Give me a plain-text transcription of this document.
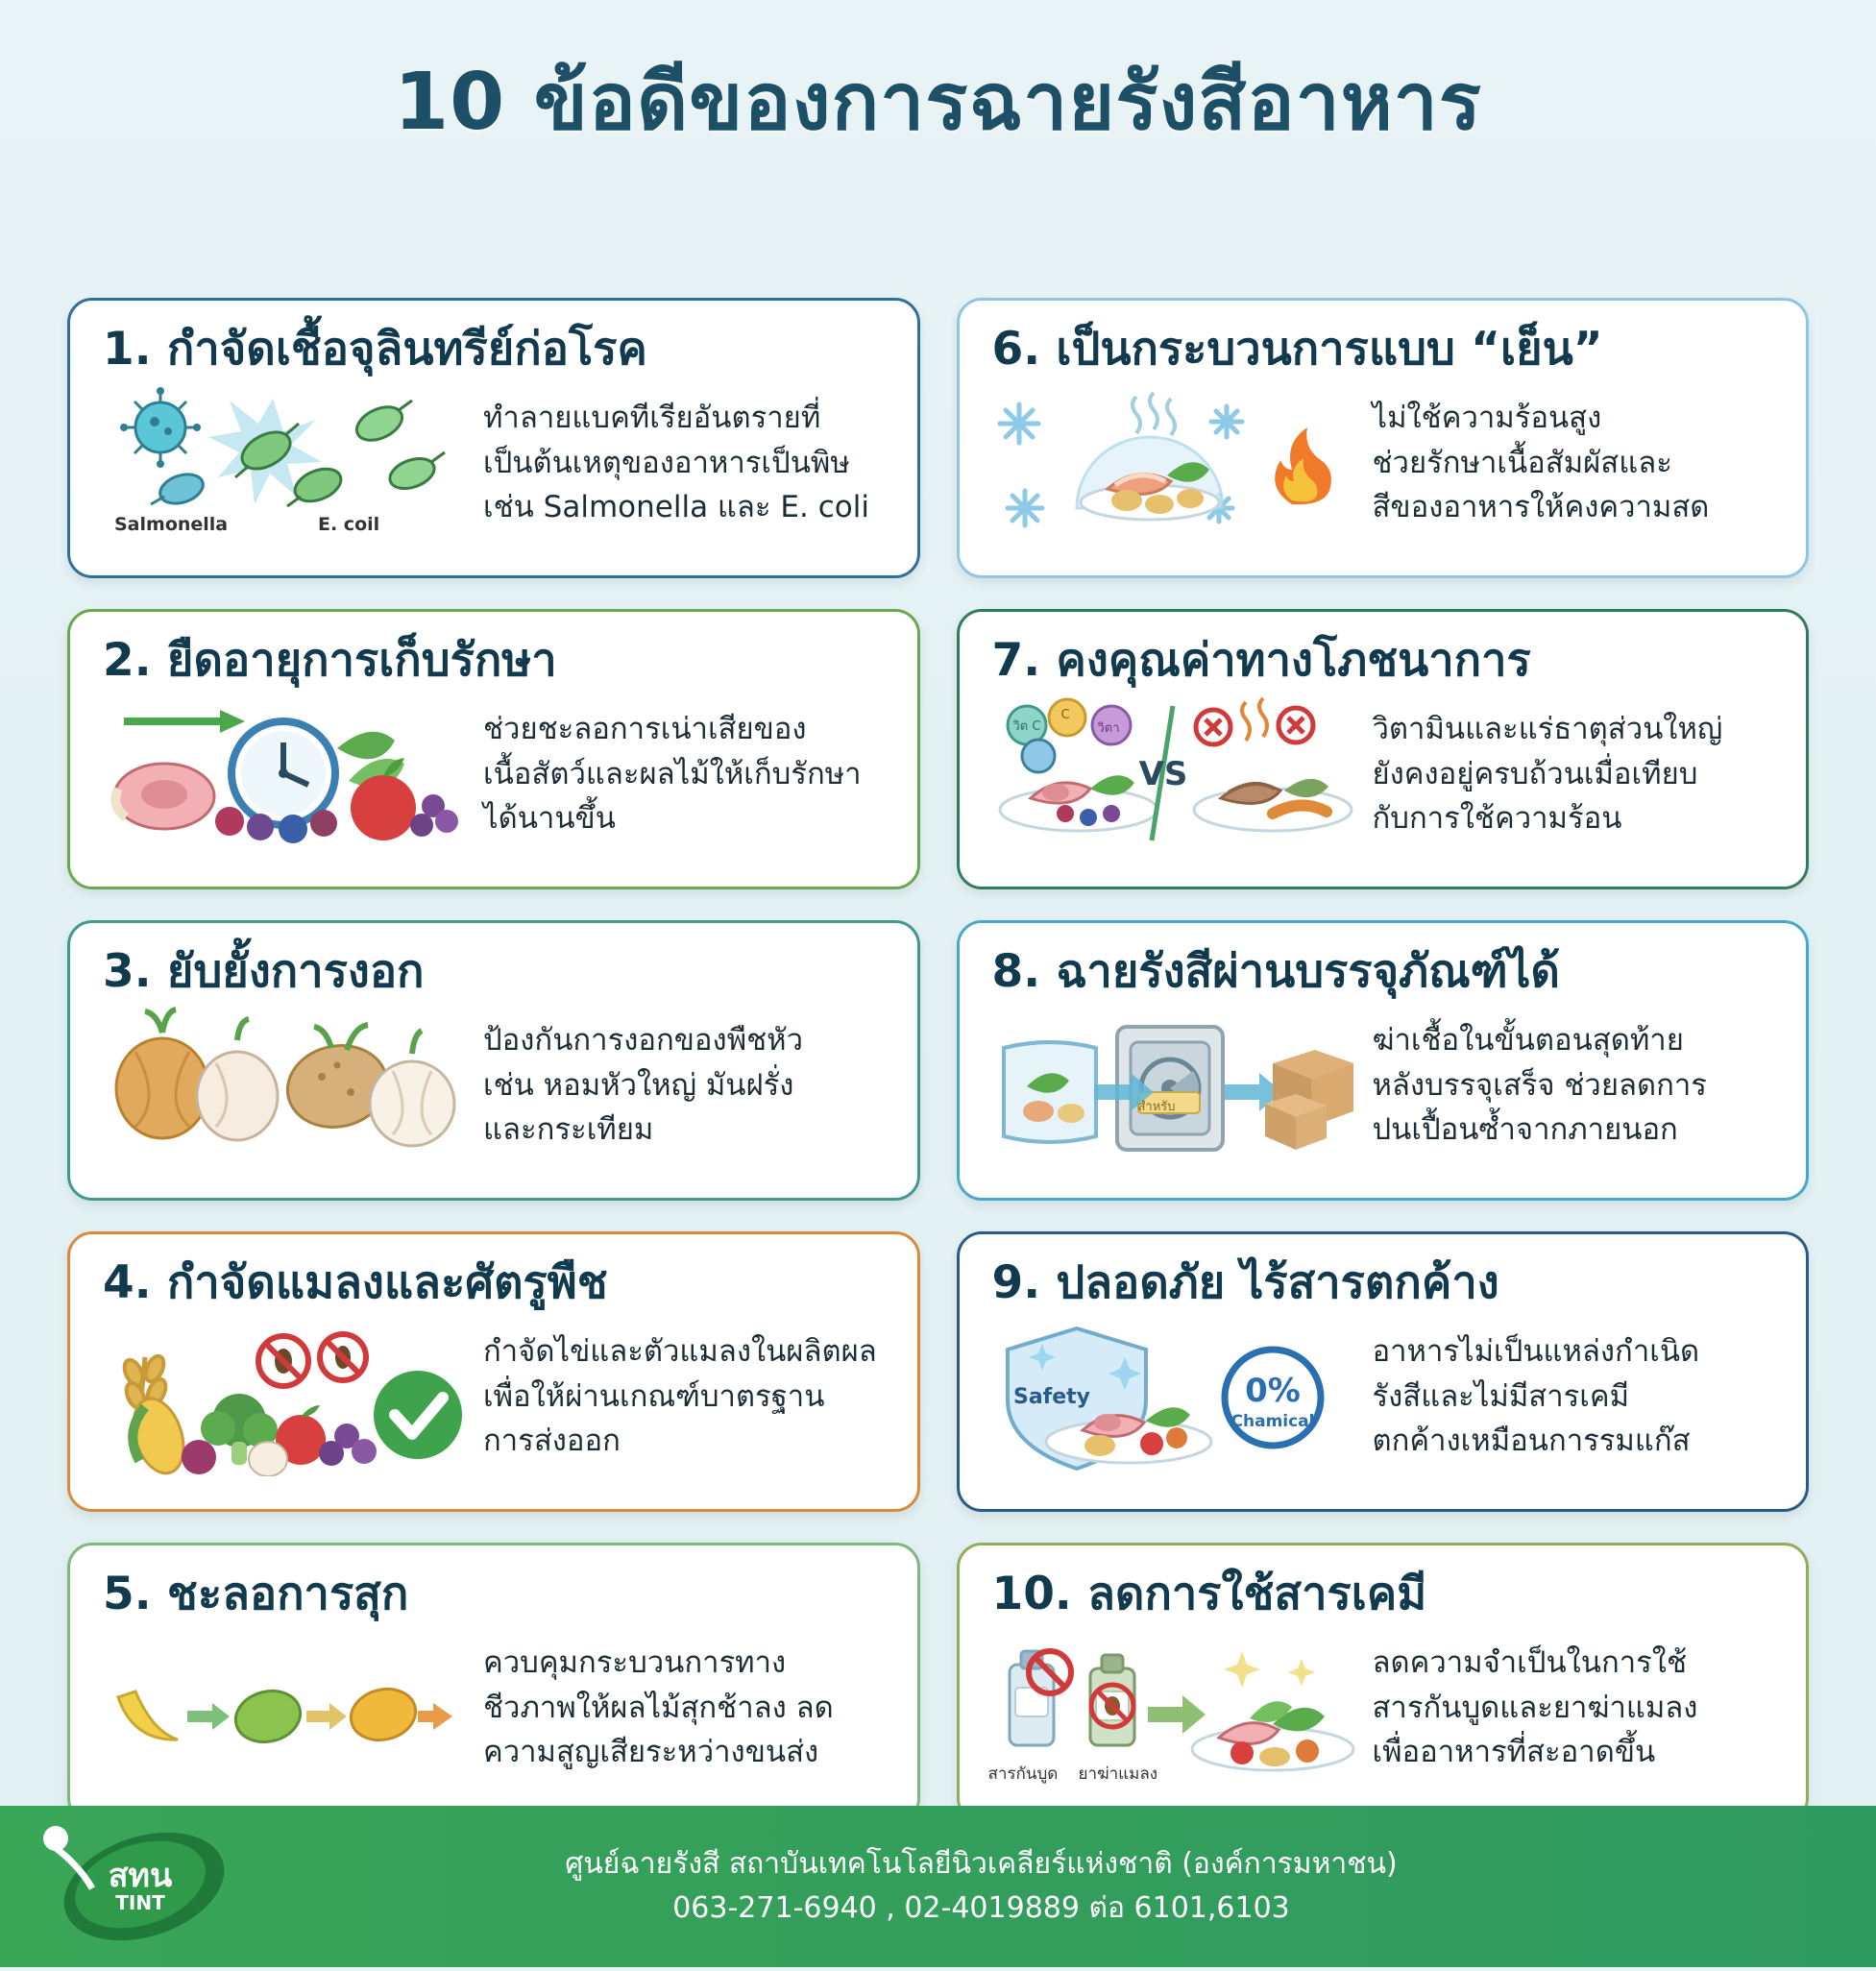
10 ข้อดีของการฉายรังสีอาหาร
1. กำจัดเชื้อจุลินทรีย์ก่อโรค
Salmonella	E. coil
ทำลายแบคทีเรียอันตรายที่
เป็นต้นเหตุของอาหารเป็นพิษ
เช่น Salmonella และ E. coli
2. ยืดอายุการเก็บรักษา
ช่วยชะลอการเน่าเสียของ
เนื้อสัตว์และผลไม้ให้เก็บรักษา
ได้นานขึ้น
3. ยับยั้งการงอก
ป้องกันการงอกของพืชหัว
เช่น หอมหัวใหญ่ มันฝรั่ง
และกระเทียม
4. กำจัดแมลงและศัตรูพืช
กำจัดไข่และตัวแมลงในผลิตผล
เพื่อให้ผ่านเกณฑ์บาตรฐาน
การส่งออก
5. ชะลอการสุก
ควบคุมกระบวนการทาง
ชีวภาพให้ผลไม้สุกช้าลง ลด
ความสูญเสียระหว่างขนส่ง
6. เป็นกระบวนการแบบ “เย็น”
ไม่ใช้ความร้อนสูง
ช่วยรักษาเนื้อสัมผัสและ
สีของอาหารให้คงความสด
7. คงคุณค่าทางโภชนาการ
VS
วิต C
C
วิตา	วิตามินและแร่ธาตุส่วนใหญ่
ยังคงอยู่ครบถ้วนเมื่อเทียบ
กับการใช้ความร้อน
8. ฉายรังสีผ่านบรรจุภัณฑ์ได้
สำหรับ
ฆ่าเชื้อในขั้นตอนสุดท้าย
หลังบรรจุเสร็จ ช่วยลดการ
ปนเปื้อนซ้ำจากภายนอก
9. ปลอดภัย ไร้สารตกค้าง
Safety	0%
Chamical
อาหารไม่เป็นแหล่งกำเนิด
รังสีและไม่มีสารเคมี
ตกค้างเหมือนการรมแก๊ส
10. ลดการใช้สารเคมี
สารกันบูด ยาฆ่าแมลง
ลดความจำเป็นในการใช้
สารกันบูดและยาฆ่าแมลง
เพื่ออาหารที่สะอาดขึ้น
สทน
TINT
ศูนย์ฉายรังสี สถาบันเทคโนโลยีนิวเคลียร์แห่งชาติ (องค์การมหาชน)
063-271-6940 , 02-4019889 ต่อ 6101,6103
